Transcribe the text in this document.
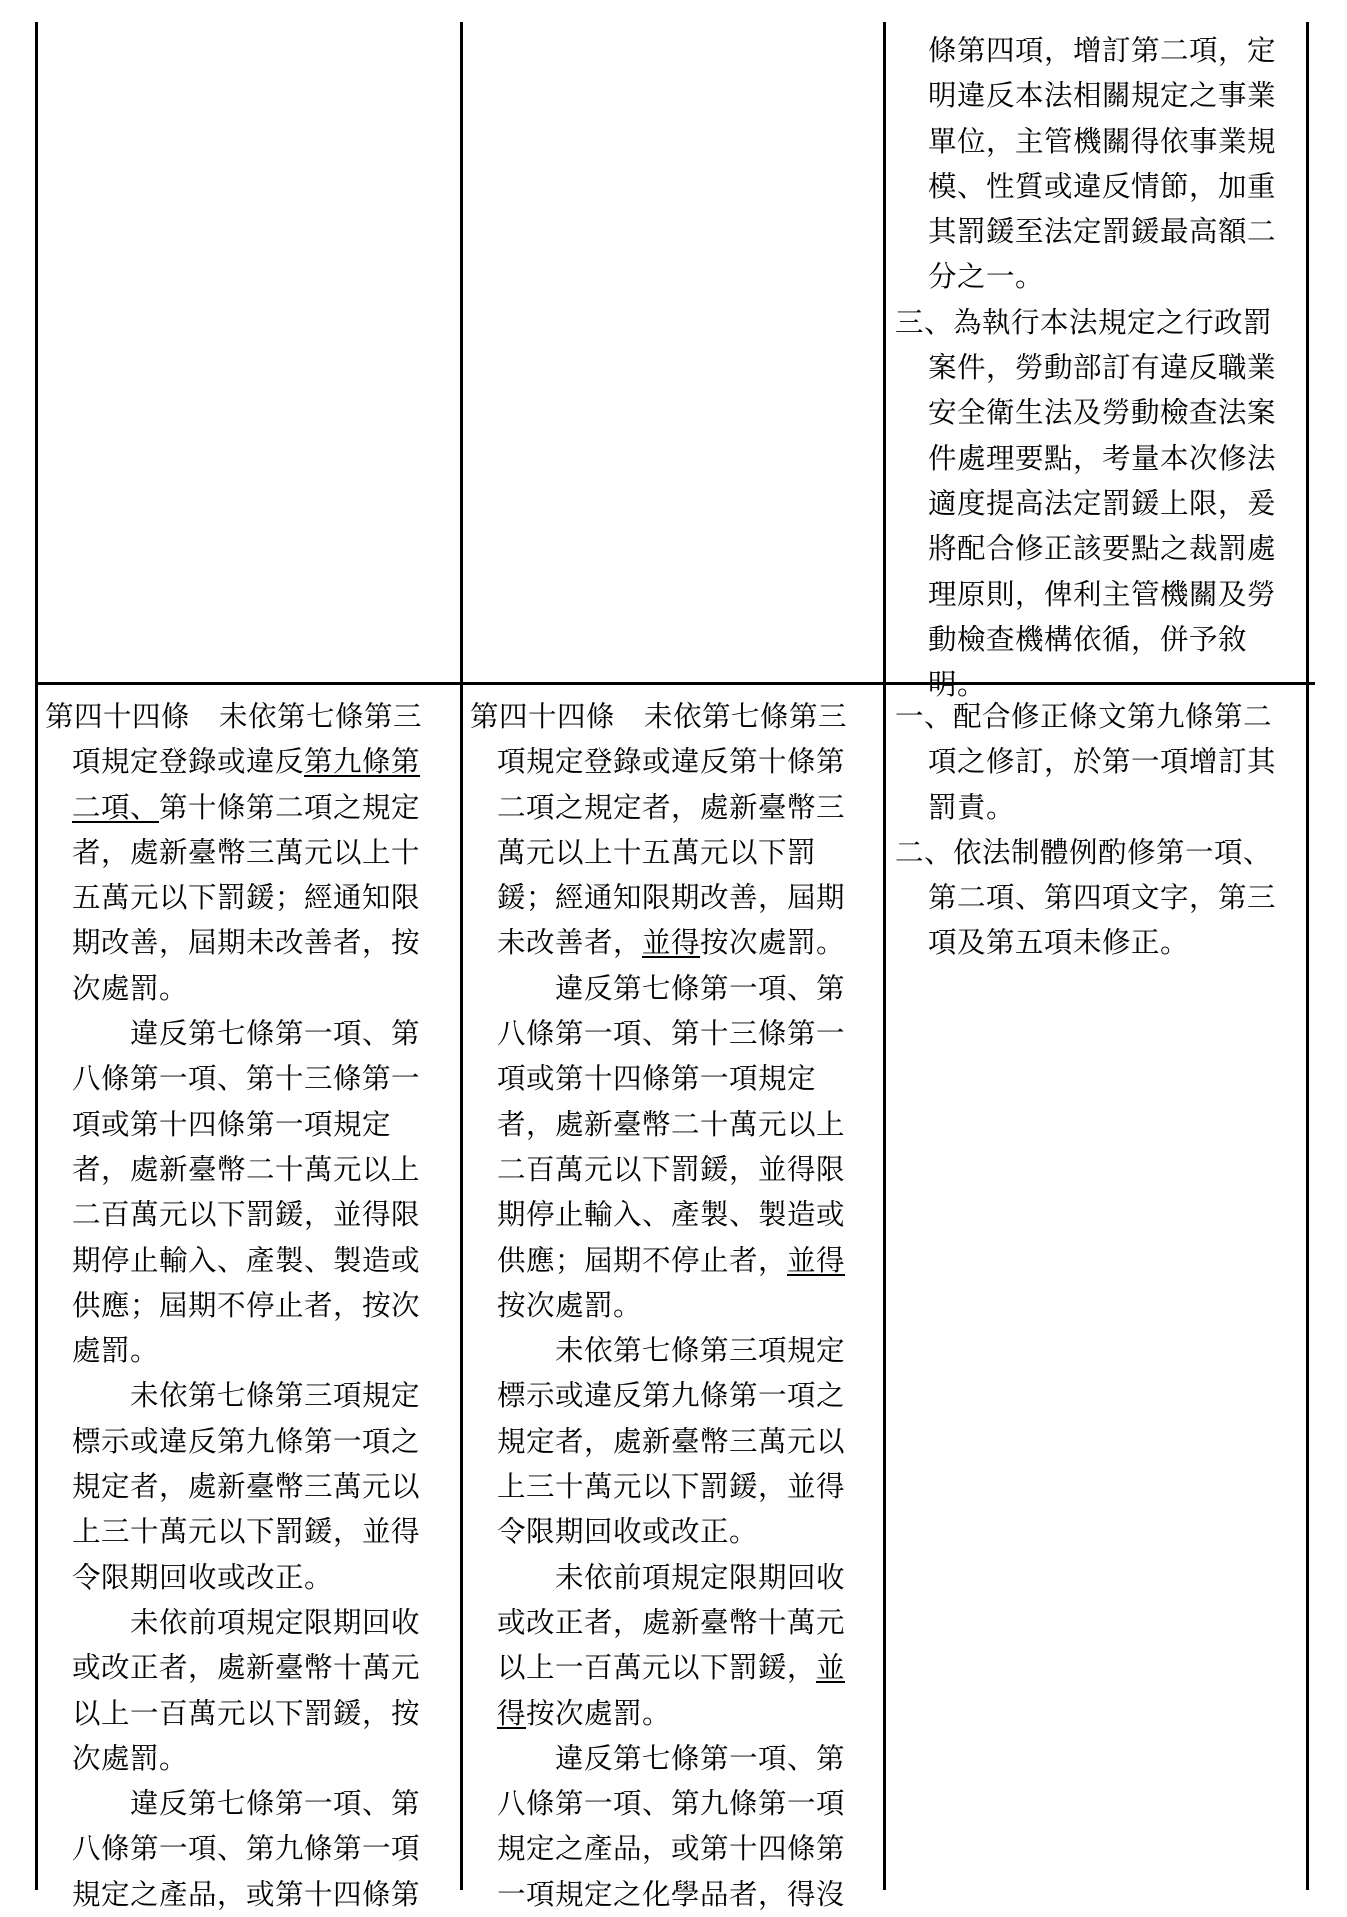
條第四項，增訂第二項，定明違反本法相關規定之事業單位，主管機關得依事業規模、性質或違反情節，加重其罰鍰至法定罰鍰最高額二分之一。

三、為執行本法規定之行政罰案件，勞動部訂有違反職業安全衛生法及勞動檢查法案件處理要點，考量本次修法適度提高法定罰鍰上限，爰將配合修正該要點之裁罰處理原則，俾利主管機關及勞動檢查機構依循，併予敘明。

第四十四條　未依第七條第三項規定登錄或違反第九條第二項、第十條第二項之規定者，處新臺幣三萬元以上十五萬元以下罰鍰；經通知限期改善，屆期未改善者，按次處罰。

違反第七條第一項、第八條第一項、第十三條第一項或第十四條第一項規定者，處新臺幣二十萬元以上二百萬元以下罰鍰，並得限期停止輸入、產製、製造或供應；屆期不停止者，按次處罰。

未依第七條第三項規定標示或違反第九條第一項之規定者，處新臺幣三萬元以上三十萬元以下罰鍰，並得令限期回收或改正。

未依前項規定限期回收或改正者，處新臺幣十萬元以上一百萬元以下罰鍰，按次處罰。

違反第七條第一項、第八條第一項、第九條第一項規定之產品，或第十四條第

第四十四條　未依第七條第三項規定登錄或違反第十條第二項之規定者，處新臺幣三萬元以上十五萬元以下罰鍰；經通知限期改善，屆期未改善者，並得按次處罰。

違反第七條第一項、第八條第一項、第十三條第一項或第十四條第一項規定者，處新臺幣二十萬元以上二百萬元以下罰鍰，並得限期停止輸入、產製、製造或供應；屆期不停止者，並得按次處罰。

未依第七條第三項規定標示或違反第九條第一項之規定者，處新臺幣三萬元以上三十萬元以下罰鍰，並得令限期回收或改正。

未依前項規定限期回收或改正者，處新臺幣十萬元以上一百萬元以下罰鍰，並得按次處罰。

違反第七條第一項、第八條第一項、第九條第一項規定之產品，或第十四條第一項規定之化學品者，得沒

一、配合修正條文第九條第二項之修訂，於第一項增訂其罰責。

二、依法制體例酌修第一項、第二項、第四項文字，第三項及第五項未修正。
